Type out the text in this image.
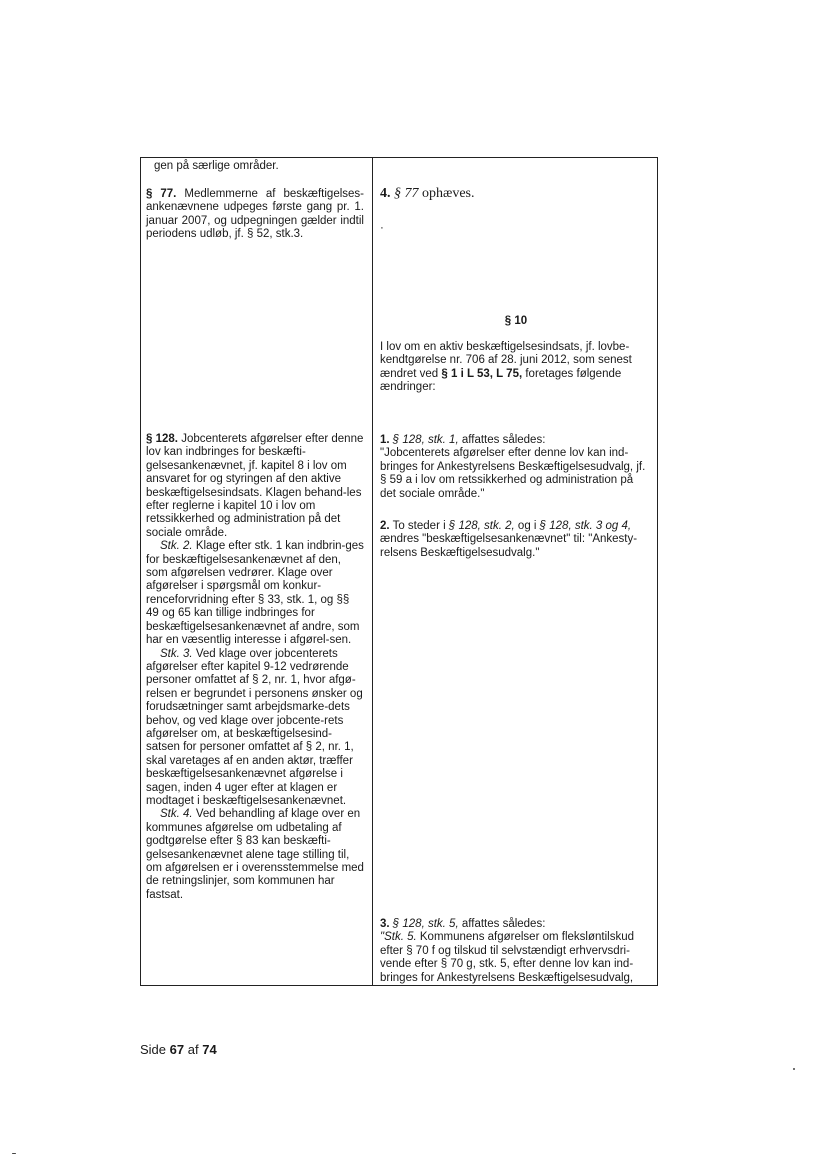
gen på særlige områder.

§ 77. Medlemmerne af beskæftigelses-ankenævnene udpeges første gang pr. 1. januar 2007, og udpegningen gælder indtil periodens udløb, jf. § 52, stk.3.

§ 128. Jobcenterets afgørelser efter denne lov kan indbringes for beskæfti-gelsesankenævnet, jf. kapitel 8 i lov om ansvaret for og styringen af den aktive beskæftigelsesindsats. Klagen behand-les efter reglerne i kapitel 10 i lov om retssikkerhed og administration på det sociale område.

Stk. 2. Klage efter stk. 1 kan indbrin-ges for beskæftigelsesankenævnet af den, som afgørelsen vedrører. Klage over afgørelser i spørgsmål om konkur-renceforvridning efter § 33, stk. 1, og §§ 49 og 65 kan tillige indbringes for beskæftigelsesankenævnet af andre, som har en væsentlig interesse i afgørel-sen.

Stk. 3. Ved klage over jobcenterets afgørelser efter kapitel 9-12 vedrørende personer omfattet af § 2, nr. 1, hvor afgø-relsen er begrundet i personens ønsker og forudsætninger samt arbejdsmarke-dets behov, og ved klage over jobcente-rets afgørelser om, at beskæftigelsesind-satsen for personer omfattet af § 2, nr. 1, skal varetages af en anden aktør, træffer beskæftigelsesankenævnet afgørelse i sagen, inden 4 uger efter at klagen er modtaget i beskæftigelsesankenævnet.

Stk. 4. Ved behandling af klage over en kommunes afgørelse om udbetaling af godtgørelse efter § 83 kan beskæfti-gelsesankenævnet alene tage stilling til, om afgørelsen er i overensstemmelse med de retningslinjer, som kommunen har fastsat.

4. § 77 ophæves.
·
§ 10
I lov om en aktiv beskæftigelsesindsats, jf. lovbe-kendtgørelse nr. 706 af 28. juni 2012, som senest ændret ved § 1 i L 53, L 75, foretages følgende ændringer:
1. § 128, stk. 1, affattes således:
"Jobcenterets afgørelser efter denne lov kan ind-bringes for Ankestyrelsens Beskæftigelsesudvalg, jf. § 59 a i lov om retssikkerhed og administration på det sociale område."
2. To steder i § 128, stk. 2, og i § 128, stk. 3 og 4, ændres "beskæftigelsesankenævnet" til: "Ankesty-relsens Beskæftigelsesudvalg."
3. § 128, stk. 5, affattes således:
"Stk. 5. Kommunens afgørelser om fleksløntilskud efter § 70 f og tilskud til selvstændigt erhvervsdri-vende efter § 70 g, stk. 5, efter denne lov kan ind-bringes for Ankestyrelsens Beskæftigelsesudvalg,
Side 67 af 74
